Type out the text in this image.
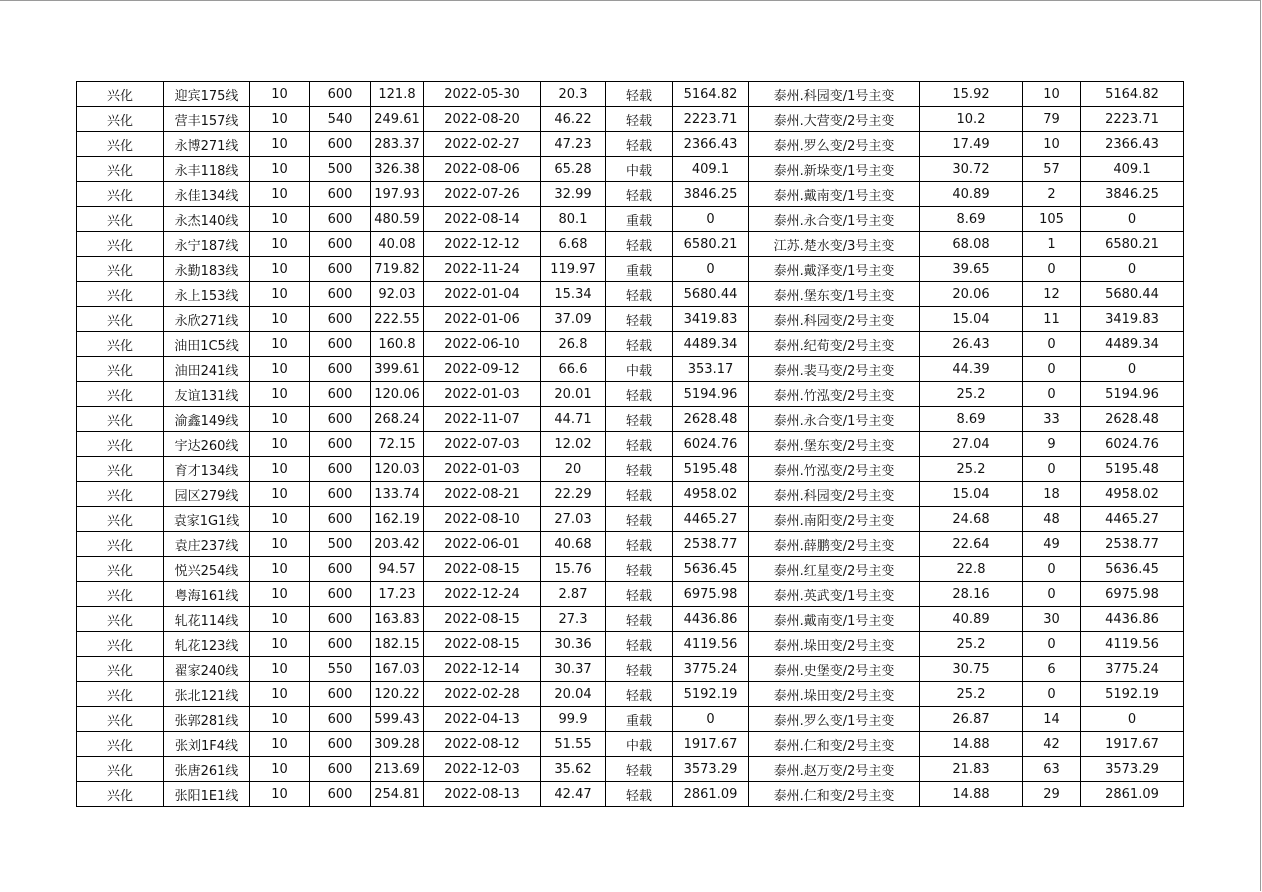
兴化	迎宾175线	10	600	121.8	2022-05-30	20.3	轻载	5164.82	泰州.科园变/1号主变	15.92	10	5164.82
兴化	营丰157线	10	540	249.61	2022-08-20	46.22	轻载	2223.71	泰州.大营变/2号主变	10.2	79	2223.71
兴化	永博271线	10	600	283.37	2022-02-27	47.23	轻载	2366.43	泰州.罗么变/2号主变	17.49	10	2366.43
兴化	永丰118线	10	500	326.38	2022-08-06	65.28	中载	409.1	泰州.新垛变/1号主变	30.72	57	409.1
兴化	永佳134线	10	600	197.93	2022-07-26	32.99	轻载	3846.25	泰州.戴南变/1号主变	40.89	2	3846.25
兴化	永杰140线	10	600	480.59	2022-08-14	80.1	重载	0	泰州.永合变/1号主变	8.69	105	0
兴化	永宁187线	10	600	40.08	2022-12-12	6.68	轻载	6580.21	江苏.楚水变/3号主变	68.08	1	6580.21
兴化	永勤183线	10	600	719.82	2022-11-24	119.97	重载	0	泰州.戴泽变/1号主变	39.65	0	0
兴化	永上153线	10	600	92.03	2022-01-04	15.34	轻载	5680.44	泰州.堡东变/1号主变	20.06	12	5680.44
兴化	永欣271线	10	600	222.55	2022-01-06	37.09	轻载	3419.83	泰州.科园变/2号主变	15.04	11	3419.83
兴化	油田1C5线	10	600	160.8	2022-06-10	26.8	轻载	4489.34	泰州.纪荀变/2号主变	26.43	0	4489.34
兴化	油田241线	10	600	399.61	2022-09-12	66.6	中载	353.17	泰州.裴马变/2号主变	44.39	0	0
兴化	友谊131线	10	600	120.06	2022-01-03	20.01	轻载	5194.96	泰州.竹泓变/2号主变	25.2	0	5194.96
兴化	渝鑫149线	10	600	268.24	2022-11-07	44.71	轻载	2628.48	泰州.永合变/1号主变	8.69	33	2628.48
兴化	宇达260线	10	600	72.15	2022-07-03	12.02	轻载	6024.76	泰州.堡东变/2号主变	27.04	9	6024.76
兴化	育才134线	10	600	120.03	2022-01-03	20	轻载	5195.48	泰州.竹泓变/2号主变	25.2	0	5195.48
兴化	园区279线	10	600	133.74	2022-08-21	22.29	轻载	4958.02	泰州.科园变/2号主变	15.04	18	4958.02
兴化	袁家1G1线	10	600	162.19	2022-08-10	27.03	轻载	4465.27	泰州.南阳变/2号主变	24.68	48	4465.27
兴化	袁庄237线	10	500	203.42	2022-06-01	40.68	轻载	2538.77	泰州.薛鹏变/2号主变	22.64	49	2538.77
兴化	悦兴254线	10	600	94.57	2022-08-15	15.76	轻载	5636.45	泰州.红星变/2号主变	22.8	0	5636.45
兴化	粤海161线	10	600	17.23	2022-12-24	2.87	轻载	6975.98	泰州.英武变/1号主变	28.16	0	6975.98
兴化	轧花114线	10	600	163.83	2022-08-15	27.3	轻载	4436.86	泰州.戴南变/1号主变	40.89	30	4436.86
兴化	轧花123线	10	600	182.15	2022-08-15	30.36	轻载	4119.56	泰州.垛田变/2号主变	25.2	0	4119.56
兴化	翟家240线	10	550	167.03	2022-12-14	30.37	轻载	3775.24	泰州.史堡变/2号主变	30.75	6	3775.24
兴化	张北121线	10	600	120.22	2022-02-28	20.04	轻载	5192.19	泰州.垛田变/2号主变	25.2	0	5192.19
兴化	张郭281线	10	600	599.43	2022-04-13	99.9	重载	0	泰州.罗么变/1号主变	26.87	14	0
兴化	张刘1F4线	10	600	309.28	2022-08-12	51.55	中载	1917.67	泰州.仁和变/2号主变	14.88	42	1917.67
兴化	张唐261线	10	600	213.69	2022-12-03	35.62	轻载	3573.29	泰州.赵万变/2号主变	21.83	63	3573.29
兴化	张阳1E1线	10	600	254.81	2022-08-13	42.47	轻载	2861.09	泰州.仁和变/2号主变	14.88	29	2861.09
